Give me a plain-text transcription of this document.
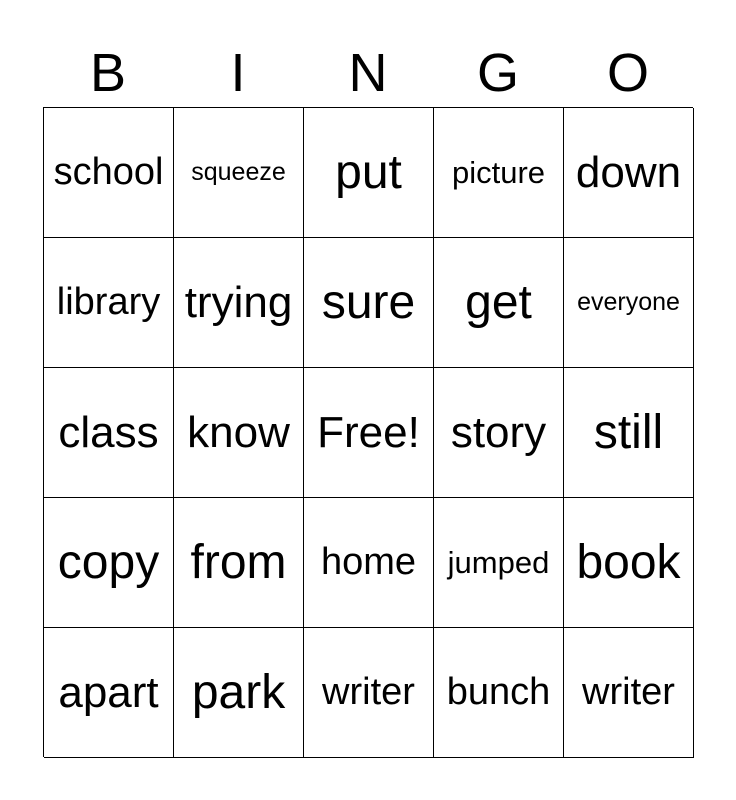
B	I	N	G	O
school squeeze put picture down
library trying sure get everyone
class know Free! story still
copy from home jumped book
apart park writer bunch writer
